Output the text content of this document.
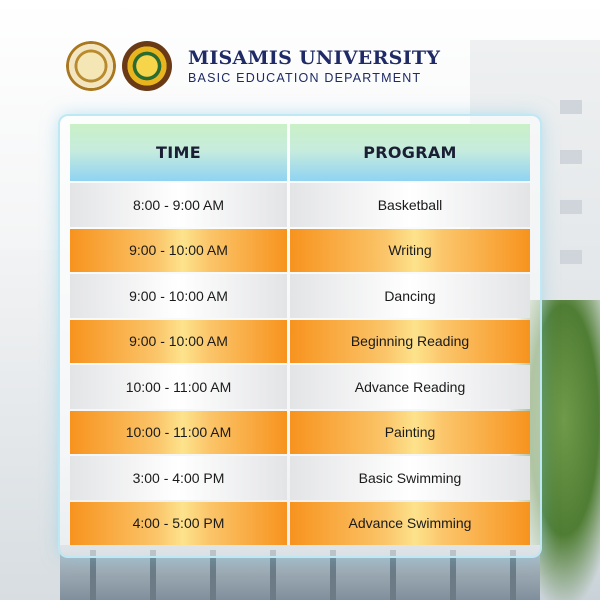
MISAMIS UNIVERSITY
BASIC EDUCATION DEPARTMENT
TIME	PROGRAM
8:00 - 9:00 AM	Basketball
9:00 - 10:00 AM	Writing
9:00 - 10:00 AM	Dancing
9:00 - 10:00 AM	Beginning Reading
10:00 - 11:00 AM	Advance Reading
10:00 - 11:00 AM	Painting
3:00 - 4:00 PM	Basic Swimming
4:00 - 5:00 PM	Advance Swimming
